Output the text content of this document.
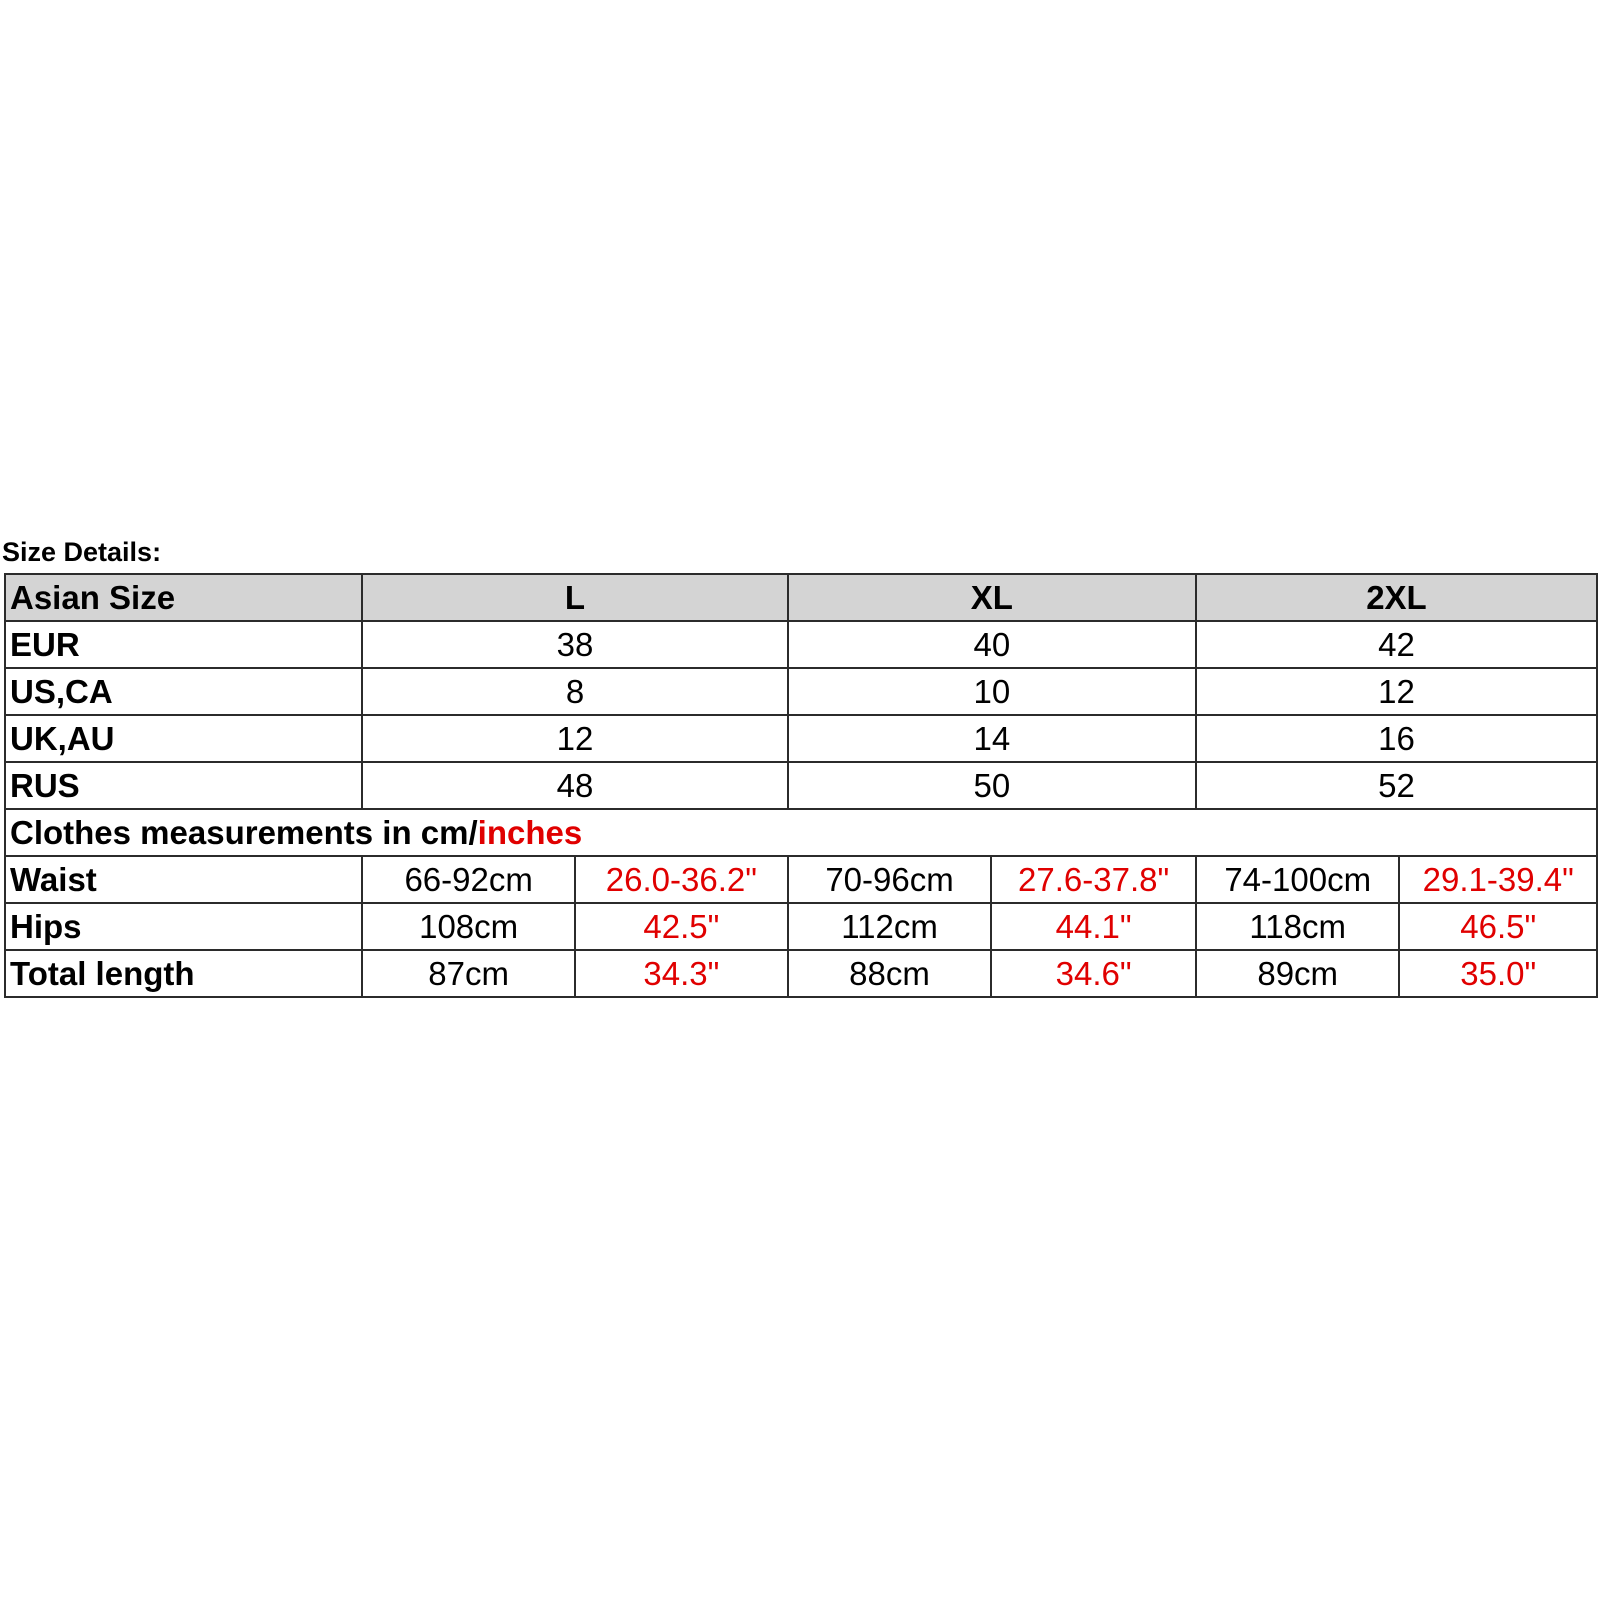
Size Details:
Asian Size	L		XL		2XL	
EUR	38		40		42	
US,CA	8		10		12	
UK,AU	12		14		16	
RUS	48		50		52	
Clothes measurements in cm/inches						
Waist	66-92cm	26.0-36.2"	70-96cm	27.6-37.8"	74-100cm	29.1-39.4"
Hips	108cm	42.5"	112cm	44.1"	118cm	46.5"
Total length	87cm	34.3"	88cm	34.6"	89cm	35.0"
